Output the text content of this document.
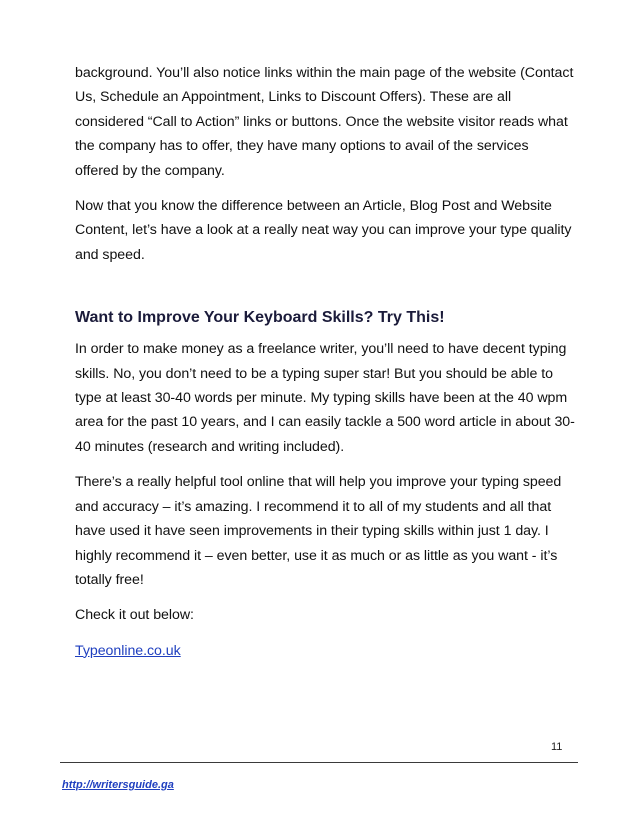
background. You’ll also notice links within the main page of the website (Contact Us, Schedule an Appointment, Links to Discount Offers). These are all considered “Call to Action” links or buttons. Once the website visitor reads what the company has to offer, they have many options to avail of the services offered by the company.

Now that you know the difference between an Article, Blog Post and Website Content, let’s have a look at a really neat way you can improve your type quality and speed.

Want to Improve Your Keyboard Skills? Try This!

In order to make money as a freelance writer, you’ll need to have decent typing skills. No, you don’t need to be a typing super star! But you should be able to type at least 30-40 words per minute. My typing skills have been at the 40 wpm area for the past 10 years, and I can easily tackle a 500 word article in about 30-40 minutes (research and writing included).

There’s a really helpful tool online that will help you improve your typing speed and accuracy – it’s amazing. I recommend it to all of my students and all that have used it have seen improvements in their typing skills within just 1 day. I highly recommend it – even better, use it as much or as little as you want - it’s totally free!

Check it out below:

Typeonline.co.uk

11
http://writersguide.ga
